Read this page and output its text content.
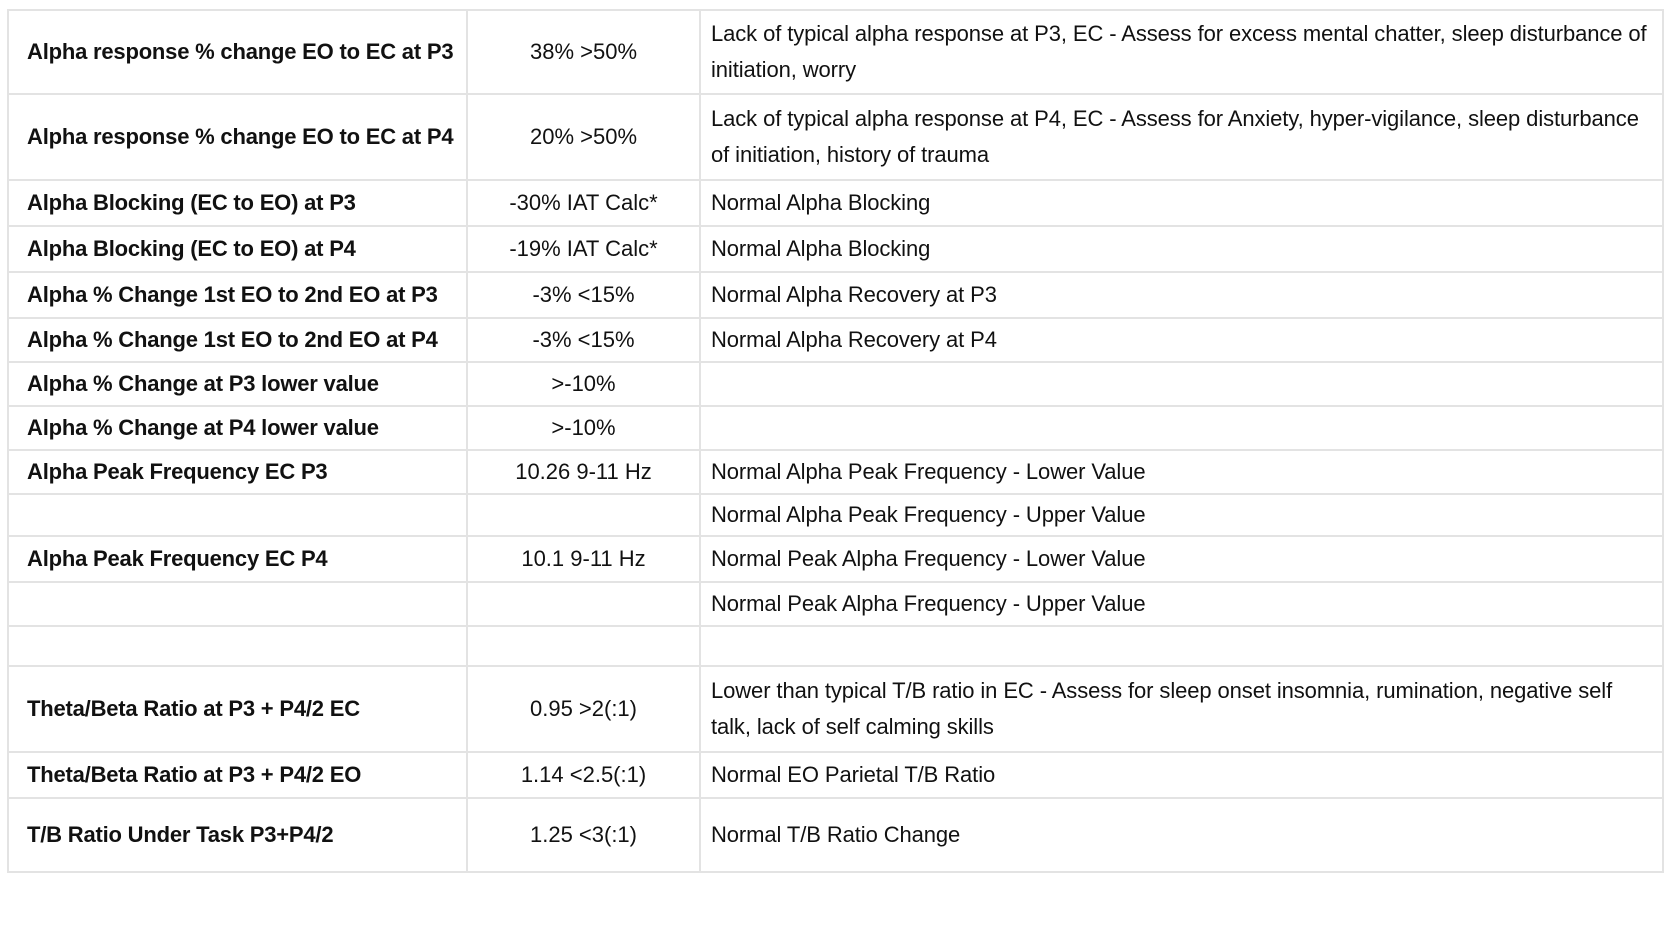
Alpha response % change EO to EC at P3	38% >50%	Lack of typical alpha response at P3, EC - Assess for excess mental chatter, sleep disturbance of initiation, worry
Alpha response % change EO to EC at P4	20% >50%	Lack of typical alpha response at P4, EC - Assess for Anxiety, hyper-vigilance, sleep disturbance of initiation, history of trauma
Alpha Blocking (EC to EO) at P3	-30% IAT Calc*	Normal Alpha Blocking
Alpha Blocking (EC to EO) at P4	-19% IAT Calc*	Normal Alpha Blocking
Alpha % Change 1st EO to 2nd EO at P3	-3% <15%	Normal Alpha Recovery at P3
Alpha % Change 1st EO to 2nd EO at P4	-3% <15%	Normal Alpha Recovery at P4
Alpha % Change at P3 lower value	>-10%	
Alpha % Change at P4 lower value	>-10%	
Alpha Peak Frequency EC P3	10.26 9-11 Hz	Normal Alpha Peak Frequency - Lower Value
		Normal Alpha Peak Frequency - Upper Value
Alpha Peak Frequency EC P4	10.1 9-11 Hz	Normal Peak Alpha Frequency - Lower Value
		Normal Peak Alpha Frequency - Upper Value

Theta/Beta Ratio at P3 + P4/2 EC	0.95 >2(:1)	Lower than typical T/B ratio in EC - Assess for sleep onset insomnia, rumination, negative self talk, lack of self calming skills
Theta/Beta Ratio at P3 + P4/2 EO	1.14 <2.5(:1)	Normal EO Parietal T/B Ratio
T/B Ratio Under Task P3+P4/2	1.25 <3(:1)	Normal T/B Ratio Change
